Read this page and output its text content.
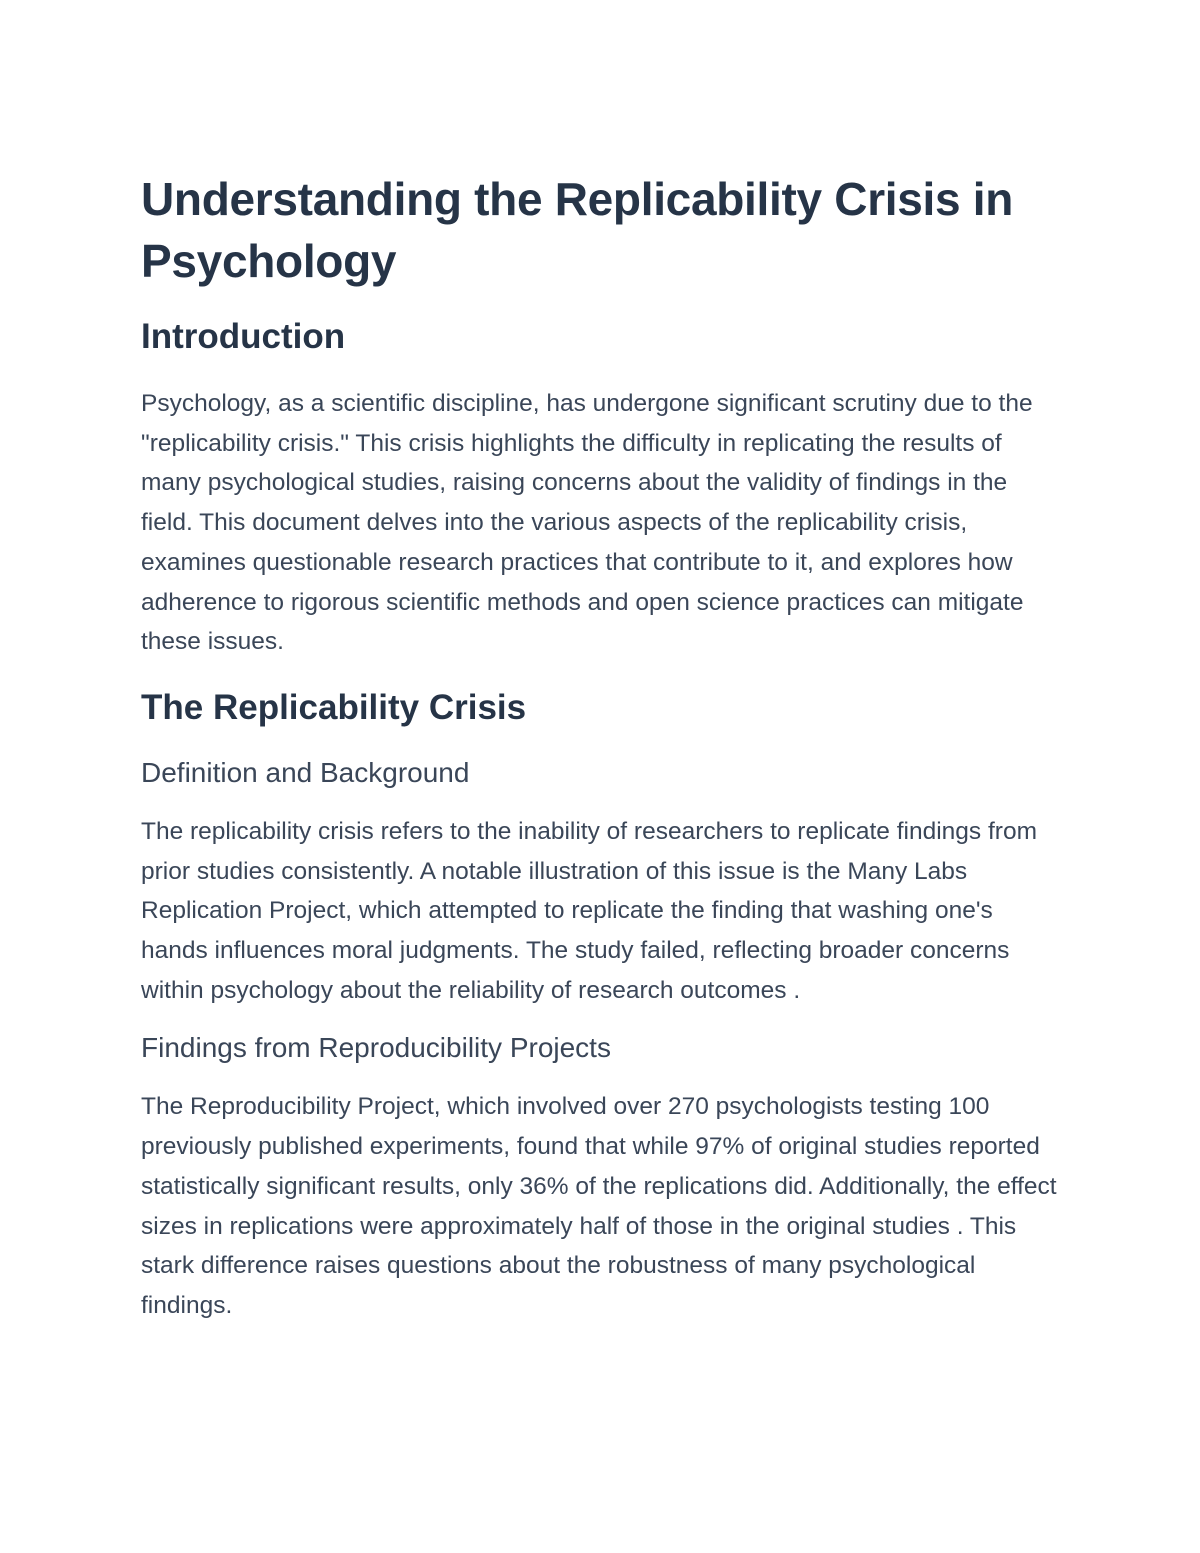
Understanding the Replicability Crisis in Psychology
Introduction

Psychology, as a scientific discipline, has undergone significant scrutiny due to the "replicability crisis." This crisis highlights the difficulty in replicating the results of many psychological studies, raising concerns about the validity of findings in the field. This document delves into the various aspects of the replicability crisis, examines questionable research practices that contribute to it, and explores how adherence to rigorous scientific methods and open science practices can mitigate these issues.

The Replicability Crisis
Definition and Background

The replicability crisis refers to the inability of researchers to replicate findings from prior studies consistently. A notable illustration of this issue is the Many Labs Replication Project, which attempted to replicate the finding that washing one's hands influences moral judgments. The study failed, reflecting broader concerns within psychology about the reliability of research outcomes .

Findings from Reproducibility Projects

The Reproducibility Project, which involved over 270 psychologists testing 100 previously published experiments, found that while 97% of original studies reported statistically significant results, only 36% of the replications did. Additionally, the effect sizes in replications were approximately half of those in the original studies . This stark difference raises questions about the robustness of many psychological findings.
